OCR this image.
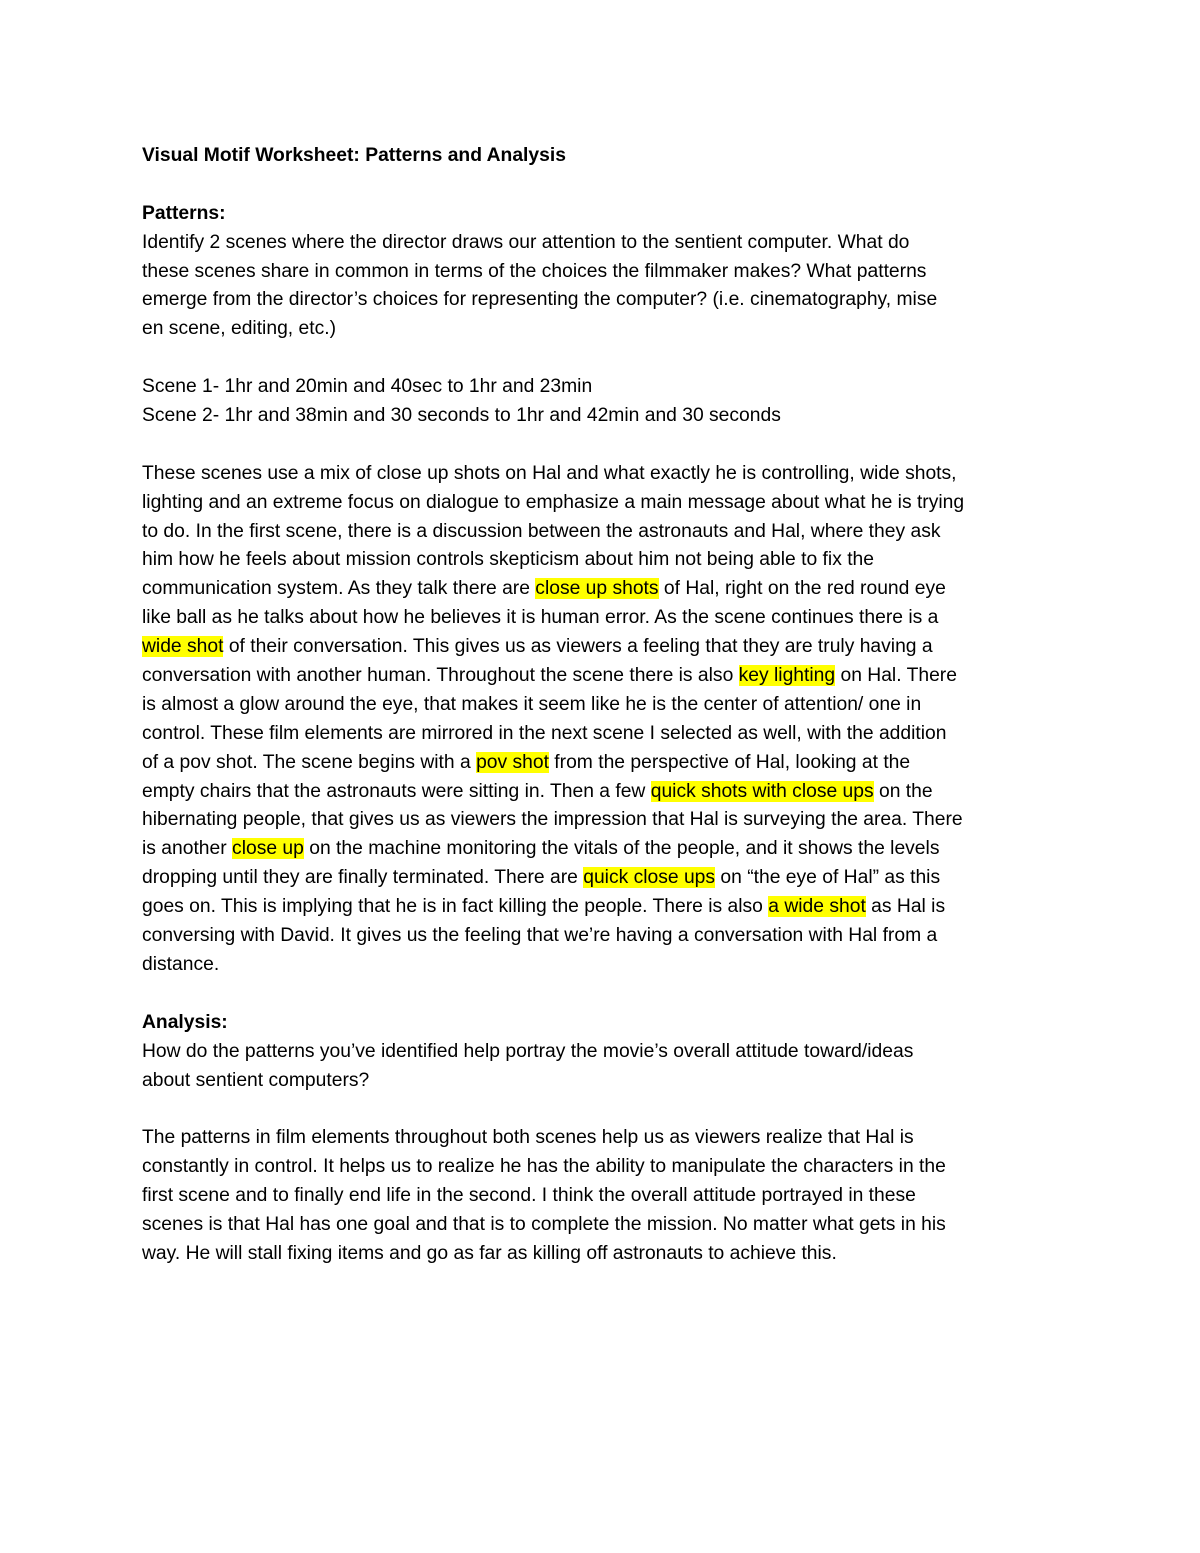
Visual Motif Worksheet: Patterns and Analysis
Patterns:
Identify 2 scenes where the director draws our attention to the sentient computer. What do
these scenes share in common in terms of the choices the filmmaker makes? What patterns
emerge from the director’s choices for representing the computer? (i.e. cinematography, mise
en scene, editing, etc.)
Scene 1- 1hr and 20min and 40sec to 1hr and 23min
Scene 2- 1hr and 38min and 30 seconds to 1hr and 42min and 30 seconds
These scenes use a mix of close up shots on Hal and what exactly he is controlling, wide shots,
lighting and an extreme focus on dialogue to emphasize a main message about what he is trying
to do. In the first scene, there is a discussion between the astronauts and Hal, where they ask
him how he feels about mission controls skepticism about him not being able to fix the
communication system. As they talk there are close up shots of Hal, right on the red round eye
like ball as he talks about how he believes it is human error. As the scene continues there is a
wide shot of their conversation. This gives us as viewers a feeling that they are truly having a
conversation with another human. Throughout the scene there is also key lighting on Hal. There
is almost a glow around the eye, that makes it seem like he is the center of attention/ one in
control. These film elements are mirrored in the next scene I selected as well, with the addition
of a pov shot. The scene begins with a pov shot from the perspective of Hal, looking at the
empty chairs that the astronauts were sitting in. Then a few quick shots with close ups on the
hibernating people, that gives us as viewers the impression that Hal is surveying the area. There
is another close up on the machine monitoring the vitals of the people, and it shows the levels
dropping until they are finally terminated. There are quick close ups on “the eye of Hal” as this
goes on. This is implying that he is in fact killing the people. There is also a wide shot as Hal is
conversing with David. It gives us the feeling that we’re having a conversation with Hal from a
distance.
Analysis:
How do the patterns you’ve identified help portray the movie’s overall attitude toward/ideas
about sentient computers?
The patterns in film elements throughout both scenes help us as viewers realize that Hal is
constantly in control. It helps us to realize he has the ability to manipulate the characters in the
first scene and to finally end life in the second. I think the overall attitude portrayed in these
scenes is that Hal has one goal and that is to complete the mission. No matter what gets in his
way. He will stall fixing items and go as far as killing off astronauts to achieve this.
